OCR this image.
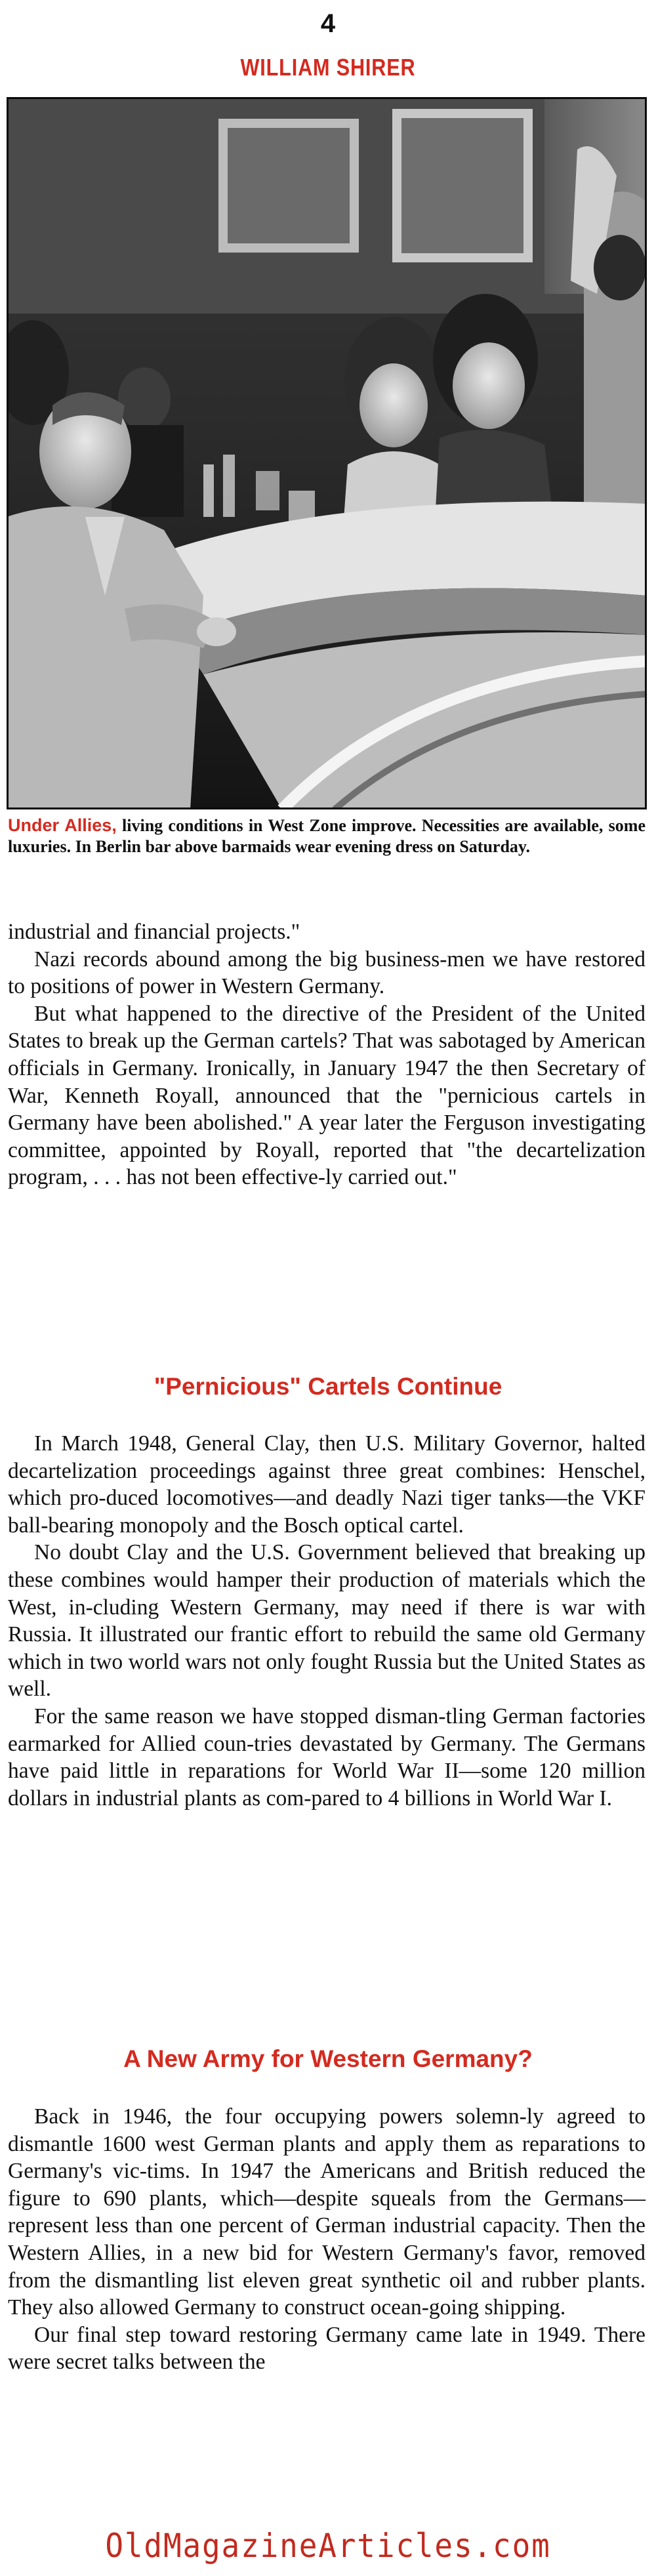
4
WILLIAM SHIRER
Under Allies, living conditions in West Zone improve. Necessities are available, some luxuries. In Berlin bar above barmaids wear evening dress on Saturday.

industrial and financial projects."

Nazi records abound among the big business-men we have restored to positions of power in Western Germany.

But what happened to the directive of the President of the United States to break up the German cartels? That was sabotaged by American officials in Germany. Ironically, in January 1947 the then Secretary of War, Kenneth Royall, announced that the "pernicious cartels in Germany have been abolished." A year later the Ferguson investigating committee, appointed by Royall, reported that "the decartelization program, . . . has not been effective-ly carried out."

"Pernicious" Cartels Continue

In March 1948, General Clay, then U.S. Military Governor, halted decartelization proceedings against three great combines: Henschel, which pro-duced locomotives—and deadly Nazi tiger tanks—the VKF ball-bearing monopoly and the Bosch optical cartel.

No doubt Clay and the U.S. Government believed that breaking up these combines would hamper their production of materials which the West, in-cluding Western Germany, may need if there is war with Russia. It illustrated our frantic effort to rebuild the same old Germany which in two world wars not only fought Russia but the United States as well.

For the same reason we have stopped disman-tling German factories earmarked for Allied coun-tries devastated by Germany. The Germans have paid little in reparations for World War II—some 120 million dollars in industrial plants as com-pared to 4 billions in World War I.

A New Army for Western Germany?

Back in 1946, the four occupying powers solemn-ly agreed to dismantle 1600 west German plants and apply them as reparations to Germany's vic-tims. In 1947 the Americans and British reduced the figure to 690 plants, which—despite squeals from the Germans—represent less than one percent of German industrial capacity. Then the Western Allies, in a new bid for Western Germany's favor, removed from the dismantling list eleven great synthetic oil and rubber plants. They also allowed Germany to construct ocean-going shipping.

Our final step toward restoring Germany came late in 1949. There were secret talks between the

OldMagazineArticles.com
